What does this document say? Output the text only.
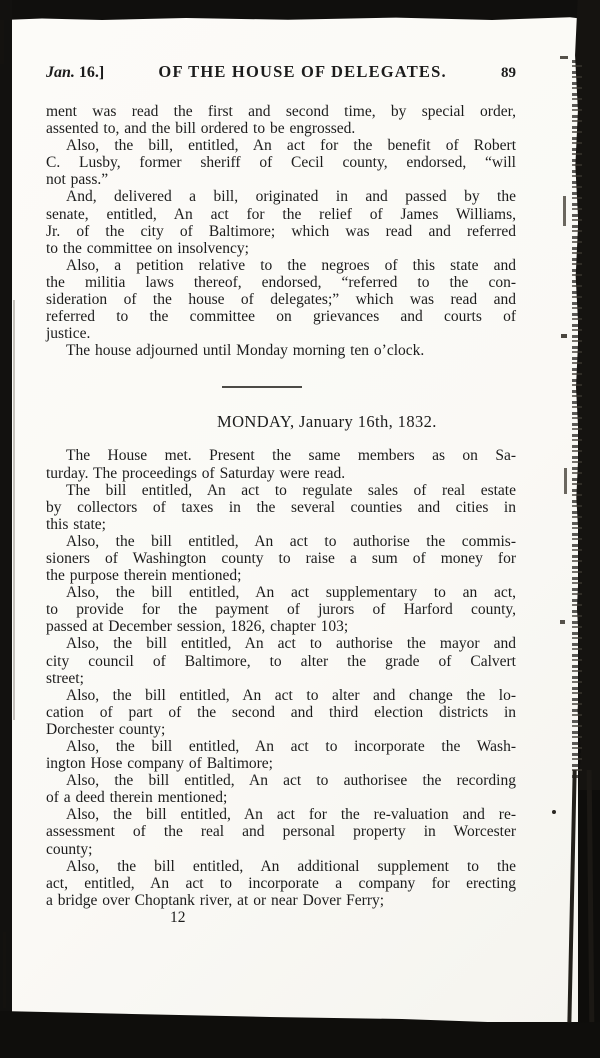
Jan. 16.]	OF THE HOUSE OF DELEGATES.	89
ment was read the first and second time, by special order,
assented to, and the bill ordered to be engrossed.
Also, the bill, entitled, An act for the benefit of Robert
C. Lusby, former sheriff of Cecil county, endorsed, “will
not pass.”
And, delivered a bill, originated in and passed by the
senate, entitled, An act for the relief of James Williams,
Jr. of the city of Baltimore; which was read and referred
to the committee on insolvency;
Also, a petition relative to the negroes of this state and
the militia laws thereof, endorsed, “referred to the con-
sideration of the house of delegates;” which was read and
referred to the committee on grievances and courts of
justice.
The house adjourned until Monday morning ten o’clock.
MONDAY, January 16th, 1832.
The House met. Present the same members as on Sa-
turday. The proceedings of Saturday were read.
The bill entitled, An act to regulate sales of real estate
by collectors of taxes in the several counties and cities in
this state;
Also, the bill entitled, An act to authorise the commis-
sioners of Washington county to raise a sum of money for
the purpose therein mentioned;
Also, the bill entitled, An act supplementary to an act,
to provide for the payment of jurors of Harford county,
passed at December session, 1826, chapter 103;
Also, the bill entitled, An act to authorise the mayor and
city council of Baltimore, to alter the grade of Calvert
street;
Also, the bill entitled, An act to alter and change the lo-
cation of part of the second and third election districts in
Dorchester county;
Also, the bill entitled, An act to incorporate the Wash-
ington Hose company of Baltimore;
Also, the bill entitled, An act to authorisee the recording
of a deed therein mentioned;
Also, the bill entitled, An act for the re-valuation and re-
assessment of the real and personal property in Worcester
county;
Also, the bill entitled, An additional supplement to the
act, entitled, An act to incorporate a company for erecting
a bridge over Choptank river, at or near Dover Ferry;
12
